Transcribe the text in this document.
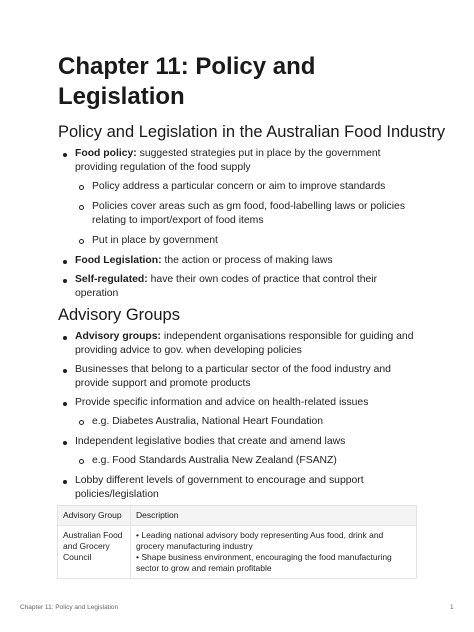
Chapter 11: Policy and Legislation
Policy and Legislation in the Australian Food Industry
Food policy: suggested strategies put in place by the government providing regulation of the food supply
Policy address a particular concern or aim to improve standards
Policies cover areas such as gm food, food-labelling laws or policies relating to import/export of food items
Put in place by government
Food Legislation: the action or process of making laws
Self-regulated: have their own codes of practice that control their operation
Advisory Groups
Advisory groups: independent organisations responsible for guiding and providing advice to gov. when developing policies
Businesses that belong to a particular sector of the food industry and provide support and promote products
Provide specific information and advice on health-related issues
e.g. Diabetes Australia, National Heart Foundation
Independent legislative bodies that create and amend laws
e.g. Food Standards Australia New Zealand (FSANZ)
Lobby different levels of government to encourage and support policies/legislation
Advisory Group	Description
Australian Food and Grocery Council	• Leading national advisory body representing Aus food, drink and grocery manufacturing industry
• Shape business environment, encouraging the food manufacturing sector to grow and remain profitable
Chapter 11: Policy and Legislation	1
